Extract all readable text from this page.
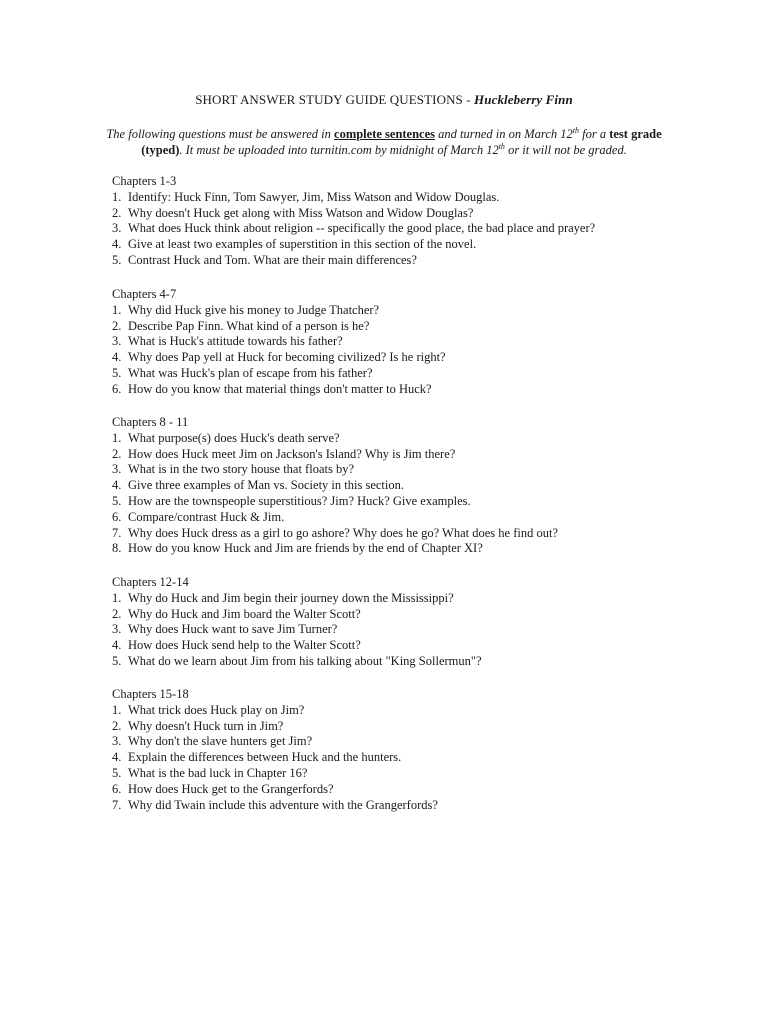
SHORT ANSWER STUDY GUIDE QUESTIONS - Huckleberry Finn
The following questions must be answered in complete sentences and turned in on March 12th for a test grade (typed). It must be uploaded into turnitin.com by midnight of March 12th or it will not be graded.
Chapters 1-3
1. Identify: Huck Finn, Tom Sawyer, Jim, Miss Watson and Widow Douglas.
2. Why doesn't Huck get along with Miss Watson and Widow Douglas?
3. What does Huck think about religion -- specifically the good place, the bad place and prayer?
4. Give at least two examples of superstition in this section of the novel.
5. Contrast Huck and Tom. What are their main differences?
Chapters 4-7
1. Why did Huck give his money to Judge Thatcher?
2. Describe Pap Finn. What kind of a person is he?
3. What is Huck's attitude towards his father?
4. Why does Pap yell at Huck for becoming civilized? Is he right?
5. What was Huck's plan of escape from his father?
6. How do you know that material things don't matter to Huck?
Chapters 8 - 11
1. What purpose(s) does Huck's death serve?
2. How does Huck meet Jim on Jackson's Island? Why is Jim there?
3. What is in the two story house that floats by?
4. Give three examples of Man vs. Society in this section.
5. How are the townspeople superstitious? Jim? Huck? Give examples.
6. Compare/contrast Huck & Jim.
7. Why does Huck dress as a girl to go ashore? Why does he go? What does he find out?
8. How do you know Huck and Jim are friends by the end of Chapter XI?
Chapters 12-14
1. Why do Huck and Jim begin their journey down the Mississippi?
2. Why do Huck and Jim board the Walter Scott?
3. Why does Huck want to save Jim Turner?
4. How does Huck send help to the Walter Scott?
5. What do we learn about Jim from his talking about "King Sollermun"?
Chapters 15-18
1. What trick does Huck play on Jim?
2. Why doesn't Huck turn in Jim?
3. Why don't the slave hunters get Jim?
4. Explain the differences between Huck and the hunters.
5. What is the bad luck in Chapter 16?
6. How does Huck get to the Grangerfords?
7. Why did Twain include this adventure with the Grangerfords?
